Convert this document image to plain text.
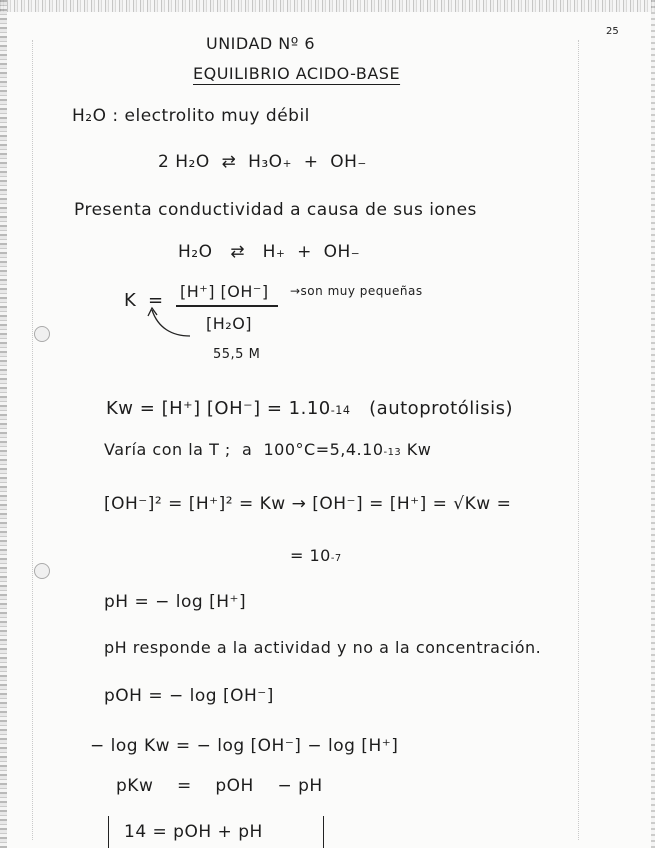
25
UNIDAD Nº 6
EQUILIBRIO ACIDO-BASE
H₂O : electrolito muy débil
2 H₂O ⇄ H₃O+ + OH−
Presenta conductividad a causa de sus iones
H₂O ⇄ H+ + OH−
K = [H⁺] [OH⁻]
[H₂O]
→son muy pequeñas
55,5 M
Kw = [H⁺] $[OH^-] = 1.10^{-14}$ (autoprotólisis)
Varía con la T ; a $100^\circ C=5,4.10^{-13}$ Kw
[OH⁻]² = [H⁺]² = Kw → [OH⁻] = [H⁺] = √Kw =
= $10^{-7}$
pH = − log [H⁺]
pH responde a la actividad y no a la concentración.
pOH = − log [OH⁻]
− log Kw = − log [OH⁻] − log [H⁺]
pKw = pOH − pH
14 = pOH + pH
